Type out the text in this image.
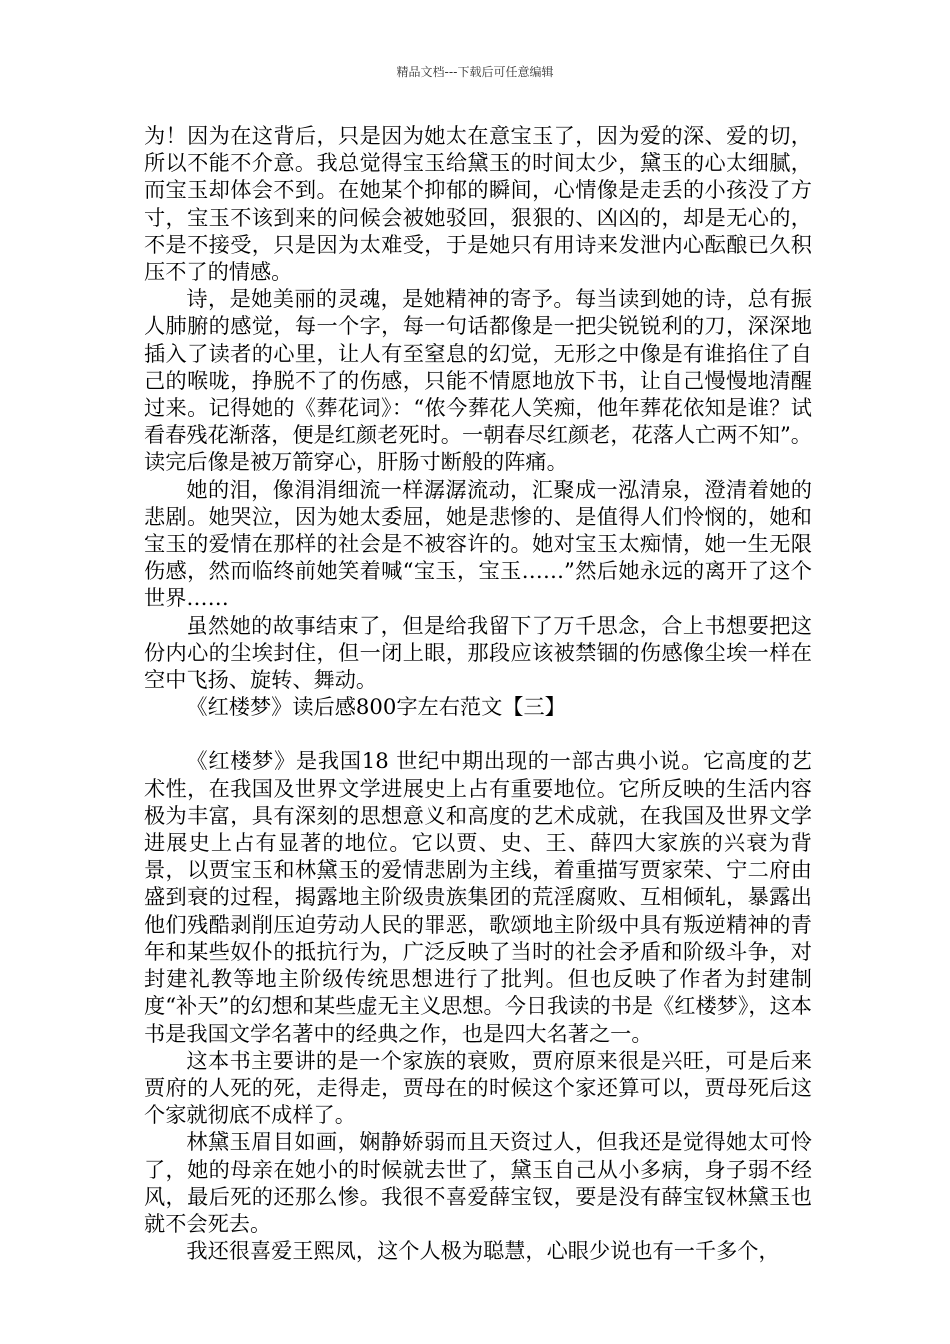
精品文档---下载后可任意编辑

为！因为在这背后，只是因为她太在意宝玉了，因为爱的深、爱的切，所以不能不介意。我总觉得宝玉给黛玉的时间太少，黛玉的心太细腻，而宝玉却体会不到。在她某个抑郁的瞬间，心情像是走丢的小孩没了方寸，宝玉不该到来的问候会被她驳回，狠狠的、凶凶的，却是无心的，不是不接受，只是因为太难受，于是她只有用诗来发泄内心酝酿已久积压不了的情感。

诗，是她美丽的灵魂，是她精神的寄予。每当读到她的诗，总有振人肺腑的感觉，每一个字，每一句话都像是一把尖锐锐利的刀，深深地插入了读者的心里，让人有至窒息的幻觉，无形之中像是有谁掐住了自己的喉咙，挣脱不了的伤感，只能不情愿地放下书，让自己慢慢地清醒过来。记得她的《葬花词》：“侬今葬花人笑痴，他年葬花依知是谁？试看春残花渐落，便是红颜老死时。一朝春尽红颜老，花落人亡两不知”。读完后像是被万箭穿心，肝肠寸断般的阵痛。

她的泪，像涓涓细流一样潺潺流动，汇聚成一泓清泉，澄清着她的悲剧。她哭泣，因为她太委屈，她是悲惨的、是值得人们怜悯的，她和宝玉的爱情在那样的社会是不被容许的。她对宝玉太痴情，她一生无限伤感，然而临终前她笑着喊“宝玉，宝玉……”然后她永远的离开了这个世界……

虽然她的故事结束了，但是给我留下了万千思念，合上书想要把这份内心的尘埃封住，但一闭上眼，那段应该被禁锢的伤感像尘埃一样在空中飞扬、旋转、舞动。

《红楼梦》读后感800字左右范文【三】

《红楼梦》是我国18 世纪中期出现的一部古典小说。它高度的艺术性，在我国及世界文学进展史上占有重要地位。它所反映的生活内容极为丰富，具有深刻的思想意义和高度的艺术成就，在我国及世界文学进展史上占有显著的地位。它以贾、史、王、薛四大家族的兴衰为背景，以贾宝玉和林黛玉的爱情悲剧为主线，着重描写贾家荣、宁二府由盛到衰的过程，揭露地主阶级贵族集团的荒淫腐败、互相倾轧，暴露出他们残酷剥削压迫劳动人民的罪恶，歌颂地主阶级中具有叛逆精神的青年和某些奴仆的抵抗行为，广泛反映了当时的社会矛盾和阶级斗争，对封建礼教等地主阶级传统思想进行了批判。但也反映了作者为封建制度“补天”的幻想和某些虚无主义思想。今日我读的书是《红楼梦》，这本书是我国文学名著中的经典之作，也是四大名著之一。

这本书主要讲的是一个家族的衰败，贾府原来很是兴旺，可是后来贾府的人死的死，走得走，贾母在的时候这个家还算可以，贾母死后这个家就彻底不成样了。

林黛玉眉目如画，娴静娇弱而且天资过人，但我还是觉得她太可怜了，她的母亲在她小的时候就去世了，黛玉自己从小多病，身子弱不经风，最后死的还那么惨。我很不喜爱薛宝钗，要是没有薛宝钗林黛玉也就不会死去。

我还很喜爱王熙凤，这个人极为聪慧，心眼少说也有一千多个，
